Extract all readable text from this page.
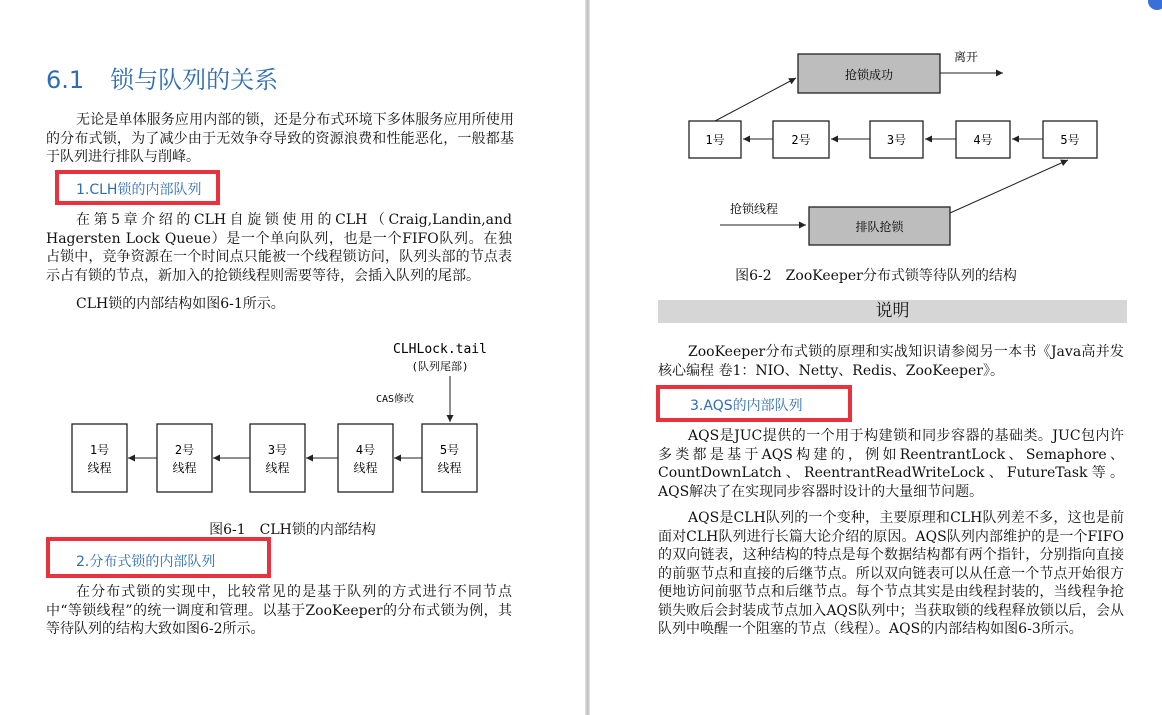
6.1 锁与队列的关系

无论是单体服务应用内部的锁，还是分布式环境下多体服务应用所使用的分布式锁，为了减少由于无效争夺导致的资源浪费和性能恶化，一般都基于队列进行排队与削峰。

1.CLH锁的内部队列

在第5章介绍的CLH自旋锁使用的CLH（Craig,Landin,and Hagersten Lock Queue）是一个单向队列，也是一个FIFO队列。在独占锁中，竞争资源在一个时间点只能被一个线程锁访问，队列头部的节点表示占有锁的节点，新加入的抢锁线程则需要等待，会插入队列的尾部。

CLH锁的内部结构如图6-1所示。

CLHLock.tail
(队列尾部)
CAS修改
1号
线程
2号
线程
3号
线程
4号
线程
5号
线程
图6-1 CLH锁的内部结构
2.分布式锁的内部队列

在分布式锁的实现中，比较常见的是基于队列的方式进行不同节点中“等锁线程”的统一调度和管理。以基于ZooKeeper的分布式锁为例，其等待队列的结构大致如图6-2所示。

抢锁成功
离开
1号	2号	3号	4号	5号
排队抢锁
抢锁线程
图6-2 ZooKeeper分布式锁等待队列的结构
说明

ZooKeeper分布式锁的原理和实战知识请参阅另一本书《Java高并发核心编程 卷1：NIO、Netty、Redis、ZooKeeper》。

3.AQS的内部队列

AQS是JUC提供的一个用于构建锁和同步容器的基础类。JUC包内许多类都是基于AQS构建的，例如ReentrantLock、Semaphore、CountDownLatch、ReentrantReadWriteLock、FutureTask等。AQS解决了在实现同步容器时设计的大量细节问题。

AQS是CLH队列的一个变种，主要原理和CLH队列差不多，这也是前面对CLH队列进行长篇大论介绍的原因。AQS队列内部维护的是一个FIFO的双向链表，这种结构的特点是每个数据结构都有两个指针，分别指向直接的前驱节点和直接的后继节点。所以双向链表可以从任意一个节点开始很方便地访问前驱节点和后继节点。每个节点其实是由线程封装的，当线程争抢锁失败后会封装成节点加入AQS队列中；当获取锁的线程释放锁以后，会从队列中唤醒一个阻塞的节点（线程）。AQS的内部结构如图6-3所示。
